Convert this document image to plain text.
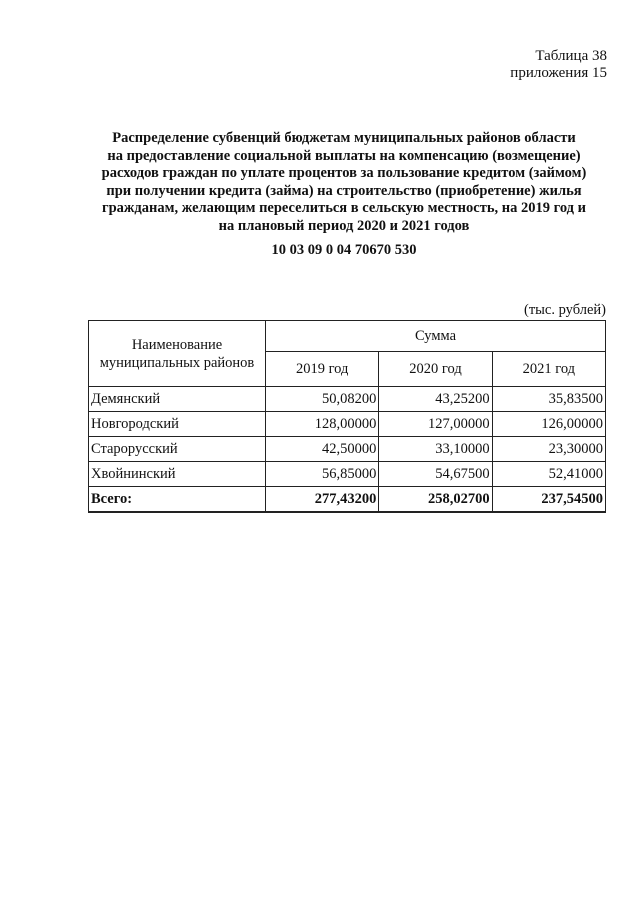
Таблица 38
приложения 15
Распределение субвенций бюджетам муниципальных районов области
на предоставление социальной выплаты на компенсацию (возмещение)
расходов граждан по уплате процентов за пользование кредитом (займом)
при получении кредита (займа) на строительство (приобретение) жилья
гражданам, желающим переселиться в сельскую местность, на 2019 год и
на плановый период 2020 и 2021 годов
10 03 09 0 04 70670 530
(тыс. рублей)
Наименование
муниципальных районов	Сумма		
	2019 год	2020 год	2021 год
Демянский	50,08200	43,25200	35,83500
Новгородский	128,00000	127,00000	126,00000
Старорусский	42,50000	33,10000	23,30000
Хвойнинский	56,85000	54,67500	52,41000
Всего:	277,43200	258,02700	237,54500
